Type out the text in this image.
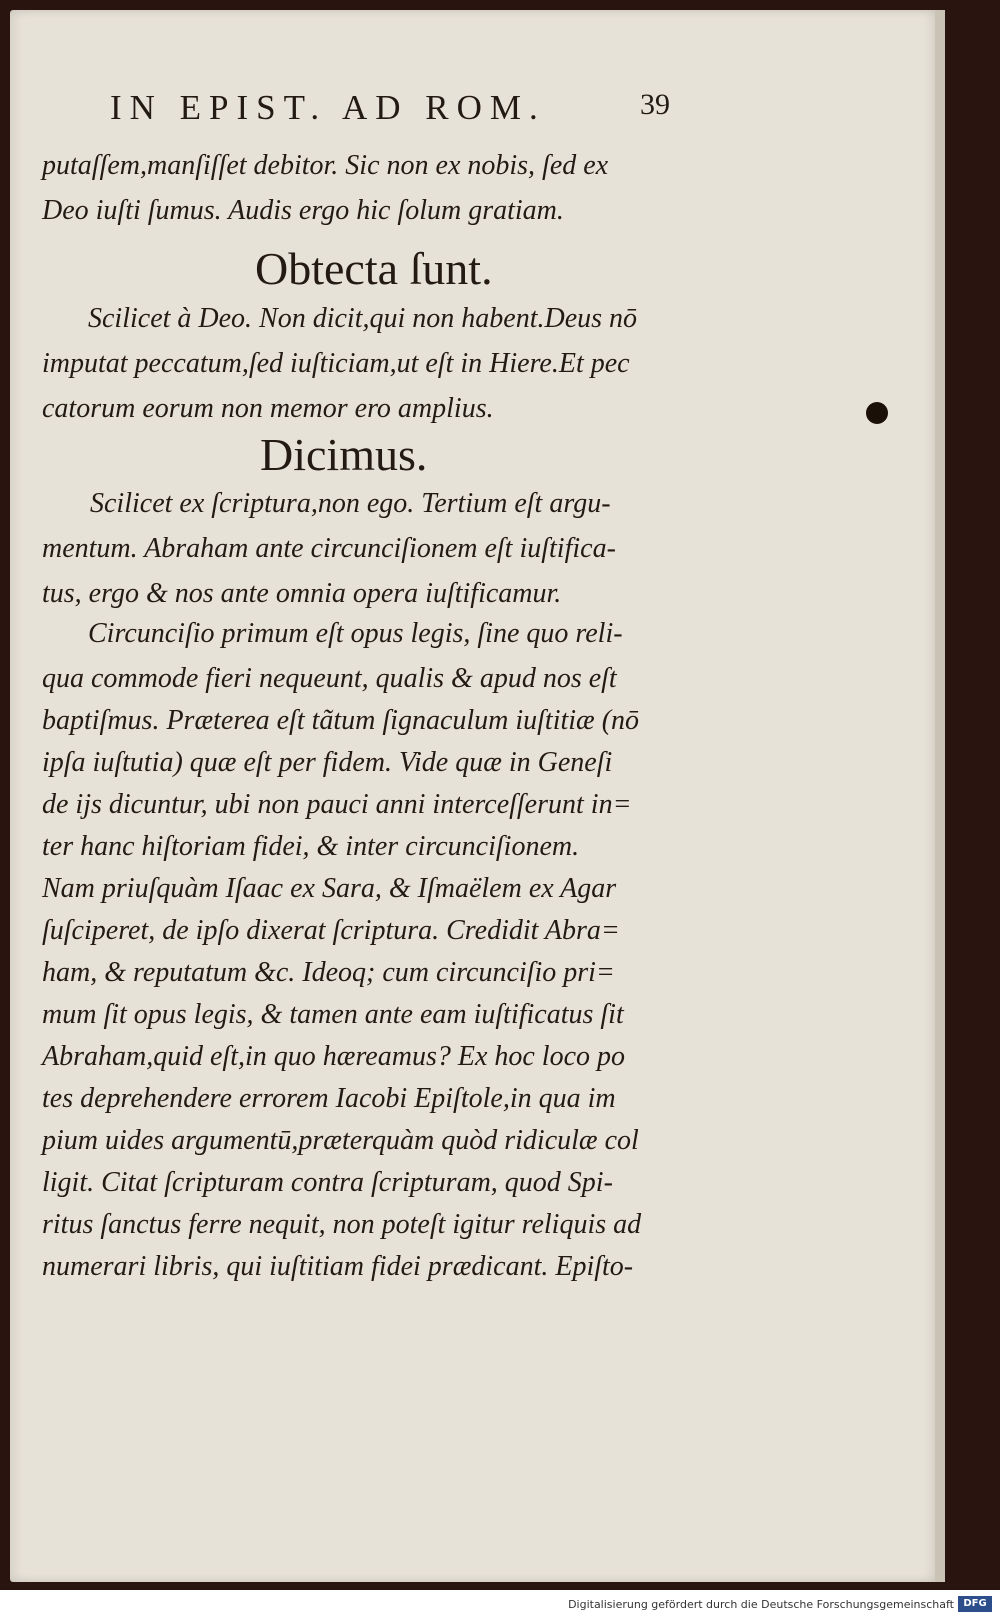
IN EPIST. AD ROM.	39
putaſſem,manſiſſet debitor. Sic non ex nobis, ſed ex
Deo iuſti ſumus. Audis ergo hic ſolum gratiam.
Obtecta ſunt.
Scilicet à Deo. Non dicit,qui non habent.Deus nō
imputat peccatum,ſed iuſticiam,ut eſt in Hiere.Et pec
catorum eorum non memor ero amplius.
Dicimus.
Scilicet ex ſcriptura,non ego. Tertium eſt argu-
mentum. Abraham ante circunciſionem eſt iuſtifica-
tus, ergo & nos ante omnia opera iuſtificamur.
Circunciſio primum eſt opus legis, ſine quo reli-
qua commode fieri nequeunt, qualis & apud nos eſt
baptiſmus. Præterea eſt tãtum ſignaculum iuſtitiæ (nō
ipſa iuſtutia) quæ eſt per fidem. Vide quæ in Geneſi
de ijs dicuntur, ubi non pauci anni interceſſerunt in=
ter hanc hiſtoriam fidei, & inter circunciſionem.
Nam priuſquàm Iſaac ex Sara, & Iſmaëlem ex Agar
ſuſciperet, de ipſo dixerat ſcriptura. Credidit Abra=
ham, & reputatum &c. Ideoq; cum circunciſio pri=
mum ſit opus legis, & tamen ante eam iuſtificatus ſit
Abraham,quid eſt,in quo hæreamus? Ex hoc loco po
tes deprehendere errorem Iacobi Epiſtole,in qua im
pium uides argumentū,præterquàm quòd ridiculæ col
ligit. Citat ſcripturam contra ſcripturam, quod Spi-
ritus ſanctus ferre nequit, non poteſt igitur reliquis ad
numerari libris, qui iuſtitiam fidei prædicant. Epiſto-
Digitalisierung gefördert durch die Deutsche Forschungsgemeinschaft DFG
